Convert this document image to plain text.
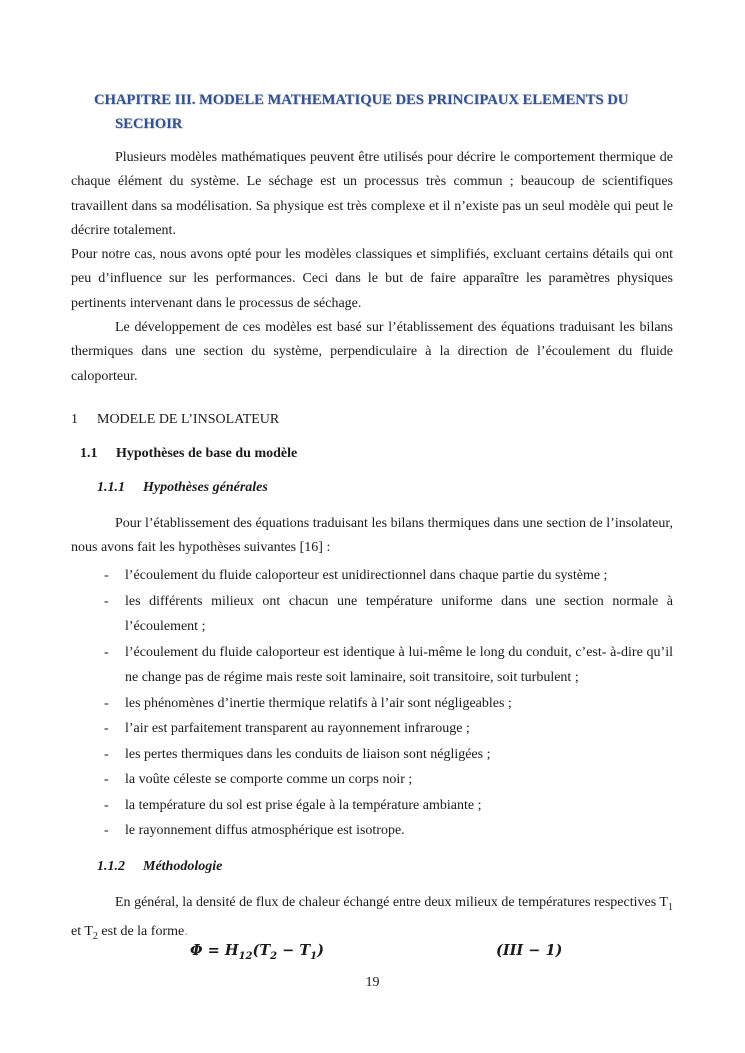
CHAPITRE III. MODELE MATHEMATIQUE DES PRINCIPAUX ELEMENTS DU
SECHOIR
Plusieurs modèles mathématiques peuvent être utilisés pour décrire le comportement thermique de chaque élément du système. Le séchage est un processus très commun ; beaucoup de scientifiques travaillent dans sa modélisation. Sa physique est très complexe et il n’existe pas un seul modèle qui peut le décrire totalement.
Pour notre cas, nous avons opté pour les modèles classiques et simplifiés, excluant certains détails qui ont peu d’influence sur les performances. Ceci dans le but de faire apparaître les paramètres physiques pertinents intervenant dans le processus de séchage.
Le développement de ces modèles est basé sur l’établissement des équations traduisant les bilans thermiques dans une section du système, perpendiculaire à la direction de l’écoulement du fluide caloporteur.
1 MODELE DE L’INSOLATEUR
1.1 Hypothèses de base du modèle
1.1.1 Hypothèses générales
Pour l’établissement des équations traduisant les bilans thermiques dans une section de l’insolateur, nous avons fait les hypothèses suivantes [16] :
- l’écoulement du fluide caloporteur est unidirectionnel dans chaque partie du système ;
- les différents milieux ont chacun une température uniforme dans une section normale à l’écoulement ;
- l’écoulement du fluide caloporteur est identique à lui-même le long du conduit, c’est- à-dire qu’il ne change pas de régime mais reste soit laminaire, soit transitoire, soit turbulent ;
- les phénomènes d’inertie thermique relatifs à l’air sont négligeables ;
- l’air est parfaitement transparent au rayonnement infrarouge ;
- les pertes thermiques dans les conduits de liaison sont négligées ;
- la voûte céleste se comporte comme un corps noir ;
- la température du sol est prise égale à la température ambiante ;
- le rayonnement diffus atmosphérique est isotrope.
1.1.2 Méthodologie
En général, la densité de flux de chaleur échangé entre deux milieux de températures respectives $T_1$ et $T_2$ est de la forme.
$\Phi = H_{12}(T_2 - T_1)$	(III − 1)
19
